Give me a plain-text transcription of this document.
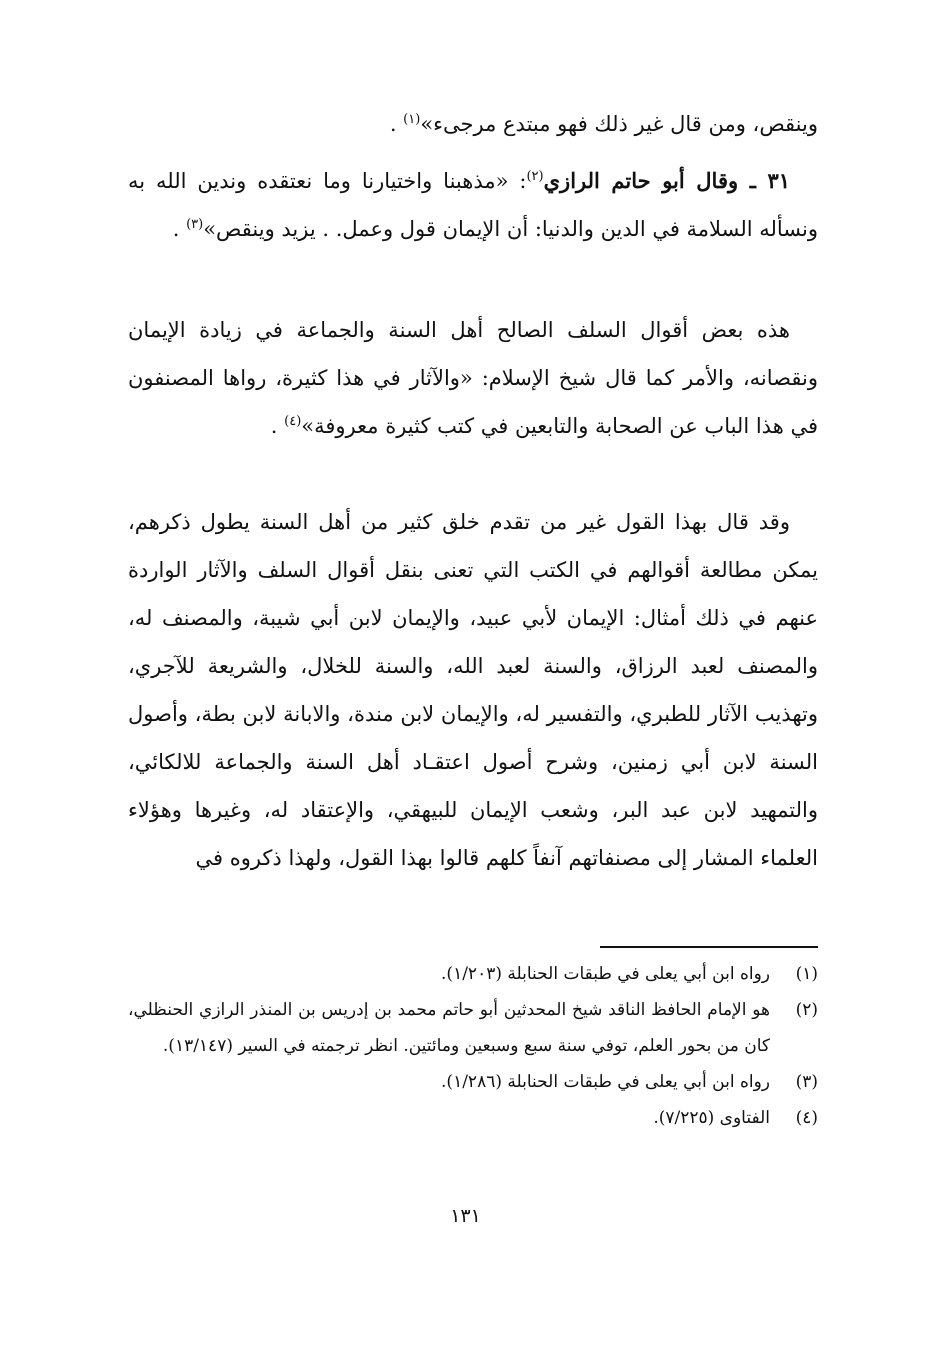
وينقص، ومن قال غير ذلك فهو مبتدع مرجىء»$^{(١)}$ .

٣١ ـ وقال أبو حاتم الرازي$^{(٢)}$: «مذهبنا واختيارنا وما نعتقده وندين الله به ونسأله السلامة في الدين والدنيا: أن الإيمان قول وعمل. . يزيد وينقص»$^{(٣)}$ .

هذه بعض أقوال السلف الصالح أهل السنة والجماعة في زيادة الإيمان ونقصانه، والأمر كما قال شيخ الإسلام: «والآثار في هذا كثيرة، رواها المصنفون في هذا الباب عن الصحابة والتابعين في كتب كثيرة معروفة»$^{(٤)}$ .

وقد قال بهذا القول غير من تقدم خلق كثير من أهل السنة يطول ذكرهم، يمكن مطالعة أقوالهم في الكتب التي تعنى بنقل أقوال السلف والآثار الواردة عنهم في ذلك أمثال: الإيمان لأبي عبيد، والإيمان لابن أبي شيبة، والمصنف له، والمصنف لعبد الرزاق، والسنة لعبد الله، والسنة للخلال، والشريعة للآجري، وتهذيب الآثار للطبري، والتفسير له، والإيمان لابن مندة، والابانة لابن بطة، وأصول السنة لابن أبي زمنين، وشرح أصول اعتقـاد أهل السنة والجماعة للالكائي، والتمهيد لابن عبد البر، وشعب الإيمان للبيهقي، والإعتقاد له، وغيرها وهؤلاء العلماء المشار إلى مصنفاتهم آنفاً كلهم قالوا بهذا القول، ولهذا ذكروه في

(١)
رواه ابن أبي يعلى في طبقات الحنابلة (١/٢٠٣).
(٢)
هو الإمام الحافظ الناقد شيخ المحدثين أبو حاتم محمد بن إدريس بن المنذر الرازي الحنظلي، كان من بحور العلم، توفي سنة سبع وسبعين ومائتين. انظر ترجمته في السير (١٣/١٤٧).
(٣)
رواه ابن أبي يعلى في طبقات الحنابلة (١/٢٨٦).
(٤)
الفتاوى (٧/٢٢٥).
١٣١
